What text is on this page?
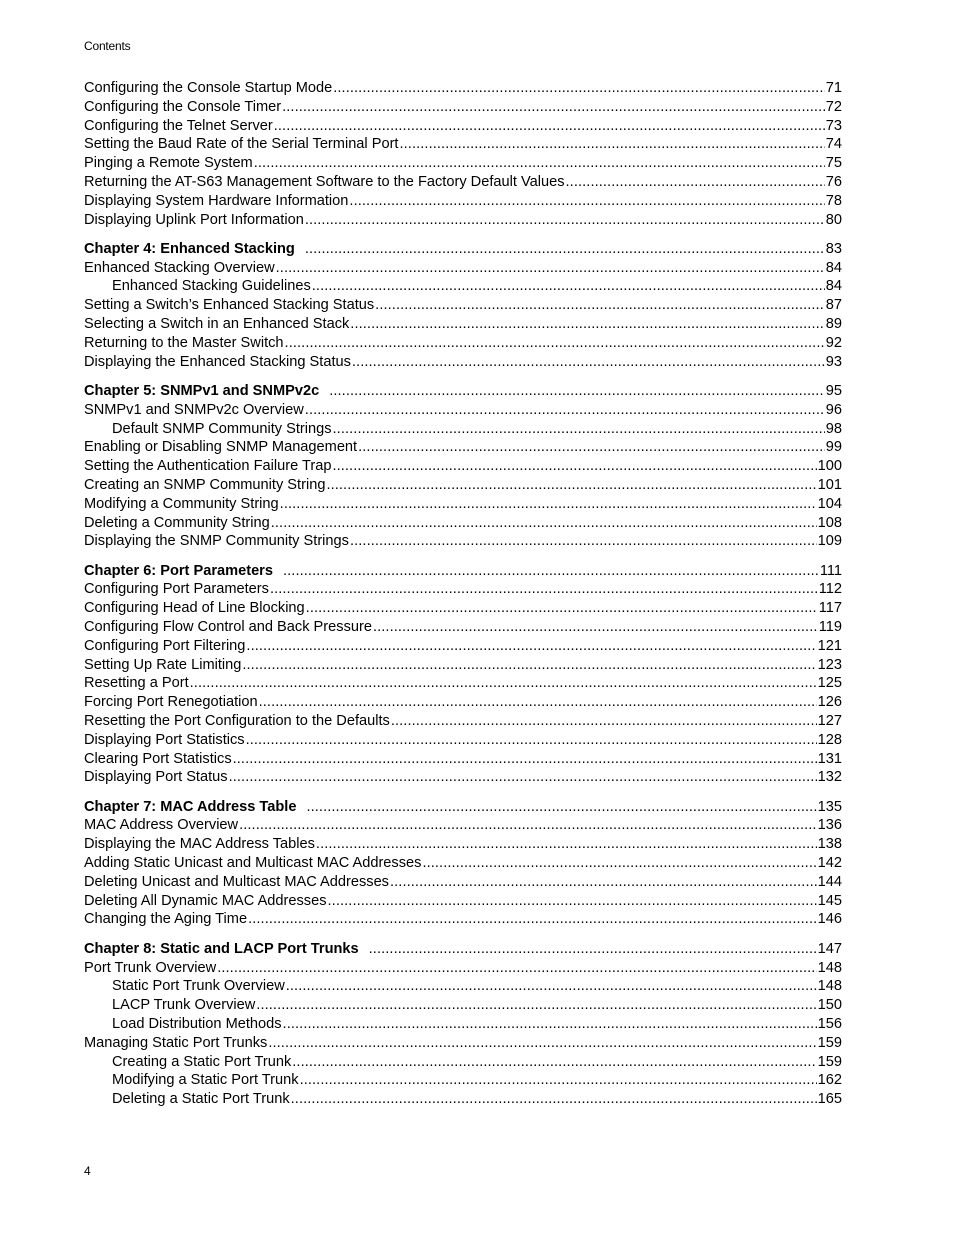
Contents
Configuring the Console Startup Mode .....	71
Configuring the Console Timer .....	72
Configuring the Telnet Server .....	73
Setting the Baud Rate of the Serial Terminal Port .....	74
Pinging a Remote System .....	75
Returning the AT-S63 Management Software to the Factory Default Values .....	76
Displaying System Hardware Information .....	78
Displaying Uplink Port Information .....	80
Chapter 4: Enhanced Stacking .....	83
Enhanced Stacking Overview .....	84
Enhanced Stacking Guidelines .....	84
Setting a Switch’s Enhanced Stacking Status .....	87
Selecting a Switch in an Enhanced Stack .....	89
Returning to the Master Switch .....	92
Displaying the Enhanced Stacking Status .....	93
Chapter 5: SNMPv1 and SNMPv2c .....	95
SNMPv1 and SNMPv2c Overview .....	96
Default SNMP Community Strings .....	98
Enabling or Disabling SNMP Management .....	99
Setting the Authentication Failure Trap .....	100
Creating an SNMP Community String .....	101
Modifying a Community String .....	104
Deleting a Community String .....	108
Displaying the SNMP Community Strings .....	109
Chapter 6: Port Parameters .....	111
Configuring Port Parameters .....	112
Configuring Head of Line Blocking .....	117
Configuring Flow Control and Back Pressure .....	119
Configuring Port Filtering .....	121
Setting Up Rate Limiting .....	123
Resetting a Port .....	125
Forcing Port Renegotiation .....	126
Resetting the Port Configuration to the Defaults .....	127
Displaying Port Statistics .....	128
Clearing Port Statistics .....	131
Displaying Port Status .....	132
Chapter 7: MAC Address Table .....	135
MAC Address Overview .....	136
Displaying the MAC Address Tables .....	138
Adding Static Unicast and Multicast MAC Addresses .....	142
Deleting Unicast and Multicast MAC Addresses .....	144
Deleting All Dynamic MAC Addresses .....	145
Changing the Aging Time .....	146
Chapter 8: Static and LACP Port Trunks .....	147
Port Trunk Overview .....	148
Static Port Trunk Overview .....	148
LACP Trunk Overview .....	150
Load Distribution Methods .....	156
Managing Static Port Trunks .....	159
Creating a Static Port Trunk .....	159
Modifying a Static Port Trunk .....	162
Deleting a Static Port Trunk .....	165
4
